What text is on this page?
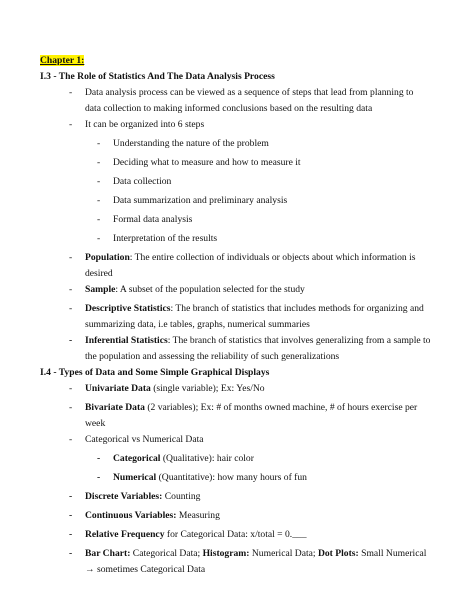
Chapter 1:
I.3 - The Role of Statistics And The Data Analysis Process
- Data analysis process can be viewed as a sequence of steps that lead from planning to
data collection to making informed conclusions based on the resulting data
- It can be organized into 6 steps
- Understanding the nature of the problem
- Deciding what to measure and how to measure it
- Data collection
- Data summarization and preliminary analysis
- Formal data analysis
- Interpretation of the results
- Population: The entire collection of individuals or objects about which information is
desired
- Sample: A subset of the population selected for the study
- Descriptive Statistics: The branch of statistics that includes methods for organizing and
summarizing data, i.e tables, graphs, numerical summaries
- Inferential Statistics: The branch of statistics that involves generalizing from a sample to
the population and assessing the reliability of such generalizations
I.4 - Types of Data and Some Simple Graphical Displays
- Univariate Data (single variable); Ex: Yes/No
- Bivariate Data (2 variables); Ex: # of months owned machine, # of hours exercise per
week
- Categorical vs Numerical Data
- Categorical (Qualitative): hair color
- Numerical (Quantitative): how many hours of fun
- Discrete Variables: Counting
- Continuous Variables: Measuring
- Relative Frequency for Categorical Data: x/total = 0.___
- Bar Chart: Categorical Data; Histogram: Numerical Data; Dot Plots: Small Numerical
→ sometimes Categorical Data
